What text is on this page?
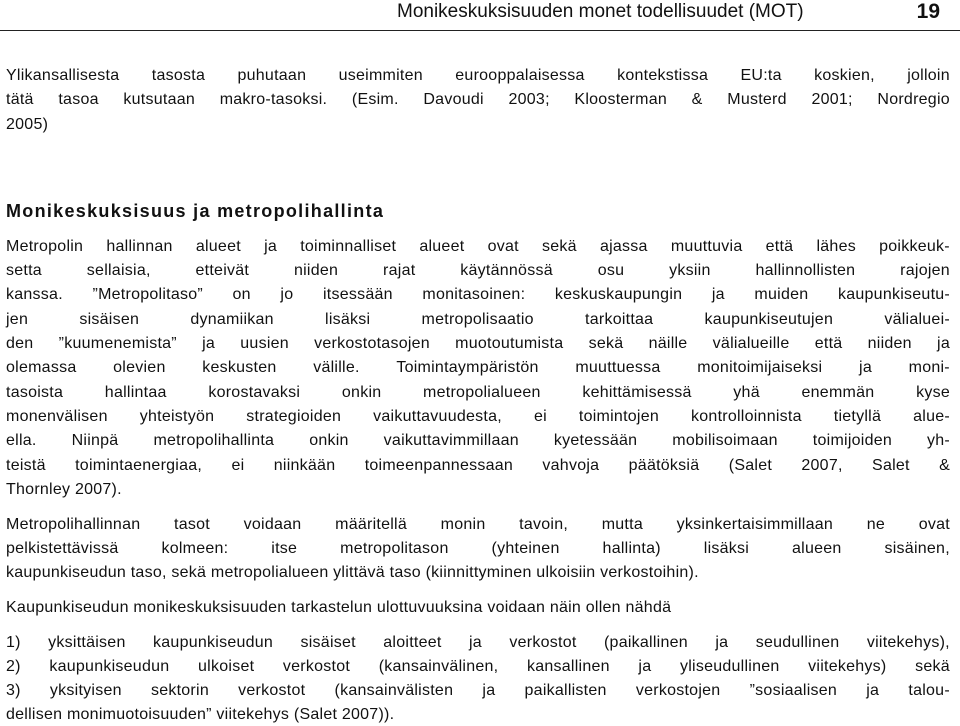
Monikeskuksisuuden monet todellisuudet (MOT)	19
Ylikansallisesta tasosta puhutaan useimmiten eurooppalaisessa kontekstissa EU:ta koskien, jolloin
tätä tasoa kutsutaan makro-tasoksi. (Esim. Davoudi 2003; Kloosterman & Musterd 2001; Nordregio
2005)
Monikeskuksisuus ja metropolihallinta
Metropolin hallinnan alueet ja toiminnalliset alueet ovat sekä ajassa muuttuvia että lähes poikkeuk-
setta	sellaisia,	etteivät	niiden	rajat	käytännössä	osu	yksiin	hallinnollisten	rajojen
kanssa. ”Metropolitaso” on jo itsessään monitasoinen: keskuskaupungin ja muiden kaupunkiseutu-
jen	sisäisen	dynamiikan	lisäksi	metropolisaatio	tarkoittaa	kaupunkiseutujen	välialuei-
den ”kuumenemista” ja uusien verkostotasojen muotoutumista sekä näille välialueille että niiden ja
olemassa olevien keskusten välille. Toimintaympäristön muuttuessa monitoimijaiseksi ja moni-
tasoista	hallintaa	korostavaksi	onkin	metropolialueen	kehittämisessä	yhä	enemmän	kyse
monenvälisen yhteistyön strategioiden vaikuttavuudesta, ei toimintojen kontrolloinnista tietyllä alue-
ella. Niinpä metropolihallinta onkin vaikuttavimmillaan kyetessään mobilisoimaan toimijoiden yh-
teistä toimintaenergiaa, ei niinkään toimeenpannessaan vahvoja päätöksiä (Salet 2007, Salet &
Thornley 2007).
Metropolihallinnan tasot voidaan määritellä monin tavoin, mutta yksinkertaisimmillaan ne ovat
pelkistettävissä	kolmeen:	itse	metropolitason	(yhteinen	hallinta)	lisäksi	alueen	sisäinen,
kaupunkiseudun taso, sekä metropolialueen ylittävä taso (kiinnittyminen ulkoisiin verkostoihin).
Kaupunkiseudun monikeskuksisuuden tarkastelun ulottuvuuksina voidaan näin ollen nähdä
1) yksittäisen kaupunkiseudun sisäiset aloitteet ja verkostot (paikallinen ja seudullinen viitekehys),
2) kaupunkiseudun ulkoiset verkostot (kansainvälinen, kansallinen ja yliseudullinen viitekehys) sekä
3) yksityisen sektorin verkostot (kansainvälisten ja paikallisten verkostojen ”sosiaalisen ja talou-
dellisen monimuotoisuuden” viitekehys (Salet 2007)).
